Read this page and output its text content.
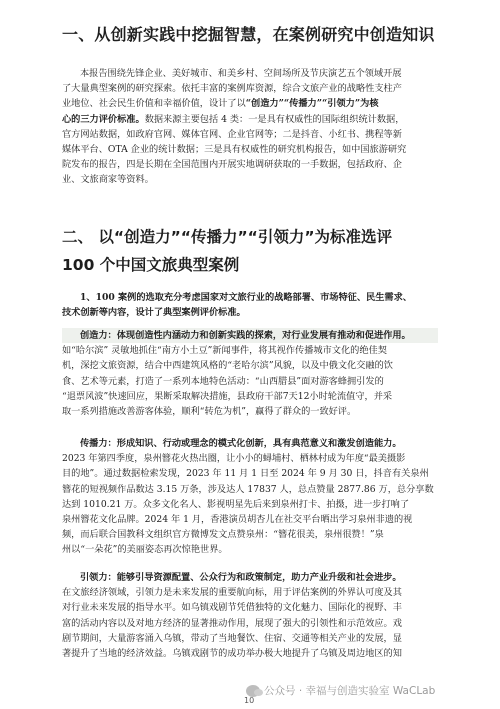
一、从创新实践中挖掘智慧，在案例研究中创造知识
本报告围绕先锋企业、美好城市、和美乡村、空间场所及节庆演艺五个领域开展
了大量典型案例的研究探索。依托丰富的案例库资源，综合文旅产业的战略性支柱产
业地位、社会民生价值和幸福价值，设计了以“创造力”“传播力”“引领力”为核
心的三力评价标准。数据来源主要包括 4 类：一是具有权威性的国际组织统计数据，
官方网站数据，如政府官网、媒体官网、企业官网等；二是抖音、小红书、携程等新
媒体平台、OTA 企业的统计数据；三是具有权威性的研究机构报告，如中国旅游研究
院发布的报告，四是长期在全国范围内开展实地调研获取的一手数据，包括政府、企
业、文旅商家等资料。
二、 以“创造力”“传播力”“引领力”为标准选评
100 个中国文旅典型案例
1、100 案例的选取充分考虑国家对文旅行业的战略部署、市场特征、民生需求、
技术创新等内容，设计了典型案例评价标准。
创造力：体现创造性内涵动力和创新实践的探索，对行业发展有推动和促进作用。
如“哈尔滨” 灵敏地抓住“南方小土豆”新闻事件，将其视作传播城市文化的绝佳契
机，深挖文旅资源，结合中西建筑风格的“老哈尔滨”风貌，以及中俄文化交融的饮
食、艺术等元素，打造了一系列本地特色活动：“山西腊县”面对游客蜂拥引发的
“退票风波”快速回应，果断采取解决措施，县政府干部7天12小时轮流值守，并采
取一系列措施改善游客体验，顺利“转危为机”，赢得了群众的一致好评。
传播力：形成知识、行动或理念的模式化创新，具有典范意义和激发创造能力。
2023 年第四季度，泉州簪花火热出圈，让小小的蟳埔村、栖林村成为年度“最美摄影
目的地”。通过数据检索发现，2023 年 11 月 1 日至 2024 年 9 月 30 日，抖音有关泉州
簪花的短视频作品数达 3.15 万条，涉及达人 17837 人，总点赞量 2877.86 万，总分享数
达到 1010.21 万。众多文化名人、影视明星先后来到泉州打卡、拍摄，进一步打响了
泉州簪花文化品牌。2024 年 1 月，香港演员胡杏儿在社交平台晒出学习泉州非遗的视
频，而后联合国教科文组织官方微博发文点赞泉州：“簪花很美，泉州很赞！”泉
州以“一朵花”的美丽姿态再次惊艳世界。
引领力：能够引导资源配置、公众行为和政策制定，助力产业升级和社会进步。
在文旅经济领域，引领力是未来发展的重要航向标，用于评估案例的外界认可度及其
对行业未来发展的指导水平。如乌镇戏剧节凭借独特的文化魅力、国际化的视野、丰
富的活动内容以及对地方经济的显著推动作用，展现了强大的引领性和示范效应。戏
剧节期间，大量游客涌入乌镇，带动了当地餐饮、住宿、交通等相关产业的发展，显
著提升了当地的经济效益。乌镇戏剧节的成功举办极大地提升了乌镇及周边地区的知
公众号 · 幸福与创造实验室 WaCLab
10
